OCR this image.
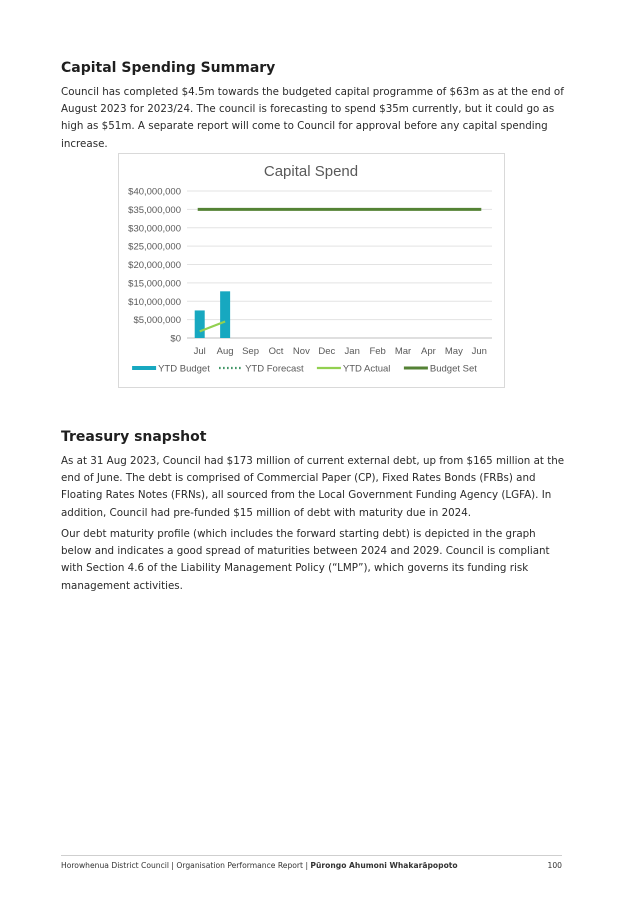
Capital Spending Summary

Council has completed $4.5m towards the budgeted capital programme of $63m as at the end of August 2023 for 2023/24. The council is forecasting to spend $35m currently, but it could go as high as $51m. A separate report will come to Council for approval before any capital spending increase.

Capital Spend
$0
$5,000,000
$10,000,000
$15,000,000
$20,000,000
$25,000,000
$30,000,000
$35,000,000
$40,000,000
Jul Aug Sep Oct Nov Dec Jan Feb Mar Apr May Jun
YTD Budget	YTD Forecast	YTD Actual	Budget Set
Treasury snapshot

As at 31 Aug 2023, Council had $173 million of current external debt, up from $165 million at the end of June. The debt is comprised of Commercial Paper (CP), Fixed Rates Bonds (FRBs) and Floating Rates Notes (FRNs), all sourced from the Local Government Funding Agency (LGFA). In addition, Council had pre-funded $15 million of debt with maturity due in 2024.

Our debt maturity profile (which includes the forward starting debt) is depicted in the graph below and indicates a good spread of maturities between 2024 and 2029. Council is compliant with Section 4.6 of the Liability Management Policy (“LMP”), which governs its funding risk management activities.

Horowhenua District Council | Organisation Performance Report | Pūrongo Ahumoni Whakarāpopoto	100
